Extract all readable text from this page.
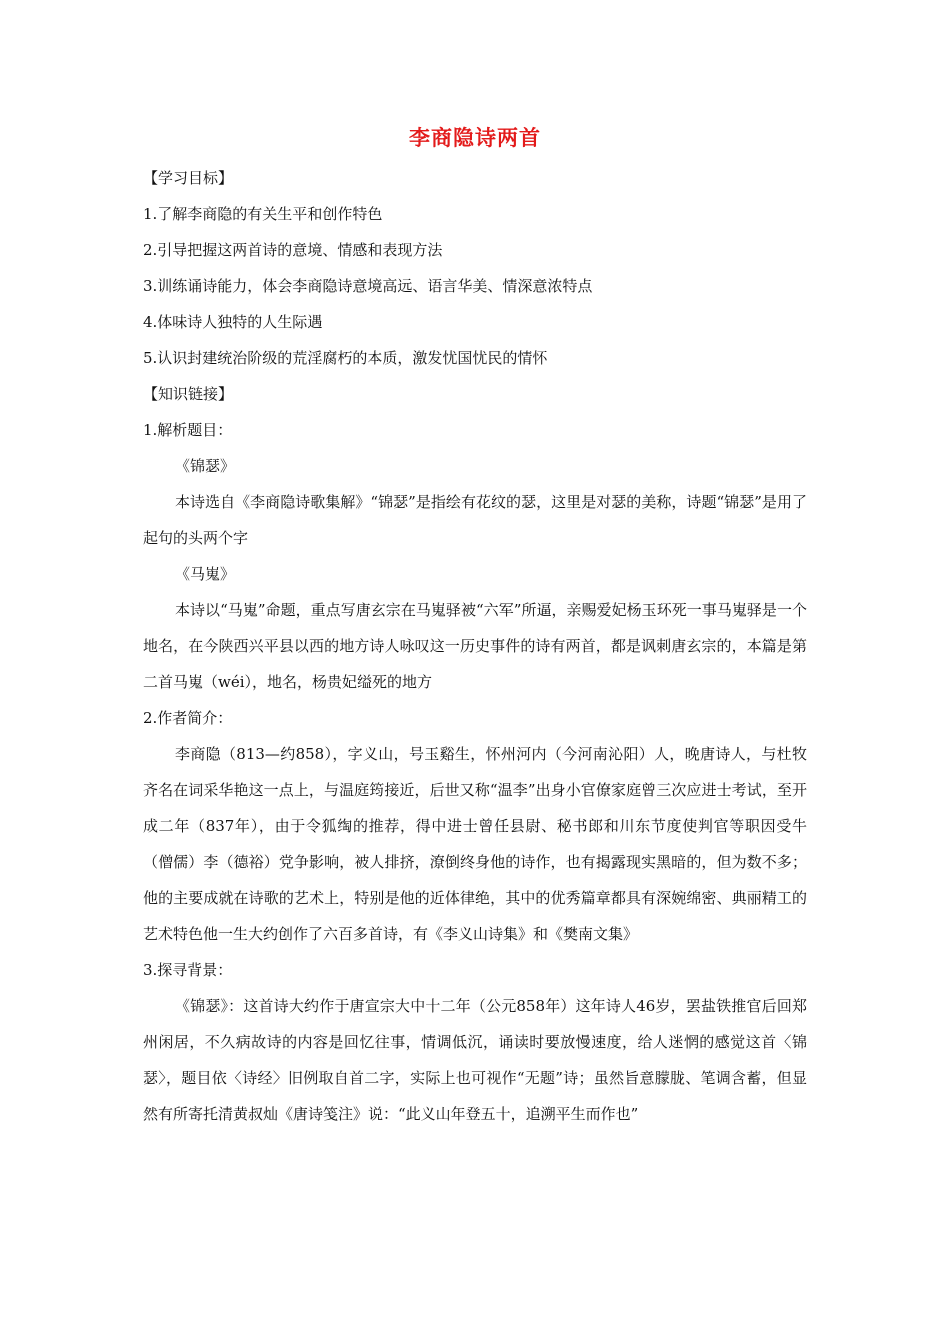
李商隐诗两首

【学习目标】

1.了解李商隐的有关生平和创作特色

2.引导把握这两首诗的意境、情感和表现方法

3.训练诵诗能力，体会李商隐诗意境高远、语言华美、情深意浓特点

4.体味诗人独特的人生际遇

5.认识封建统治阶级的荒淫腐朽的本质，激发忧国忧民的情怀

【知识链接】

1.解析题目：

《锦瑟》

本诗选自《李商隐诗歌集解》“锦瑟”是指绘有花纹的瑟，这里是对瑟的美称，诗题“锦瑟”是用了起句的头两个字

《马嵬》

本诗以“马嵬”命题，重点写唐玄宗在马嵬驿被“六军”所逼，亲赐爱妃杨玉环死一事马嵬驿是一个地名，在今陕西兴平县以西的地方诗人咏叹这一历史事件的诗有两首，都是讽刺唐玄宗的，本篇是第二首马嵬（wéi），地名，杨贵妃缢死的地方

2.作者简介：

李商隐（813—约858），字义山，号玉谿生，怀州河内（今河南沁阳）人，晚唐诗人，与杜牧齐名在词采华艳这一点上，与温庭筠接近，后世又称“温李”出身小官僚家庭曾三次应进士考试，至开成二年（837年），由于令狐绹的推荐，得中进士曾任县尉、秘书郎和川东节度使判官等职因受牛（僧儒）李（德裕）党争影响，被人排挤，潦倒终身他的诗作，也有揭露现实黑暗的，但为数不多；他的主要成就在诗歌的艺术上，特别是他的近体律绝，其中的优秀篇章都具有深婉绵密、典丽精工的艺术特色他一生大约创作了六百多首诗，有《李义山诗集》和《樊南文集》

3.探寻背景：

《锦瑟》：这首诗大约作于唐宣宗大中十二年（公元858年）这年诗人46岁，罢盐铁推官后回郑州闲居，不久病故诗的内容是回忆往事，情调低沉，诵读时要放慢速度，给人迷惘的感觉这首〈锦瑟〉，题目依〈诗经〉旧例取自首二字，实际上也可视作“无题”诗；虽然旨意朦胧、笔调含蓄，但显然有所寄托清黄叔灿《唐诗笺注》说：“此义山年登五十，追溯平生而作也”
